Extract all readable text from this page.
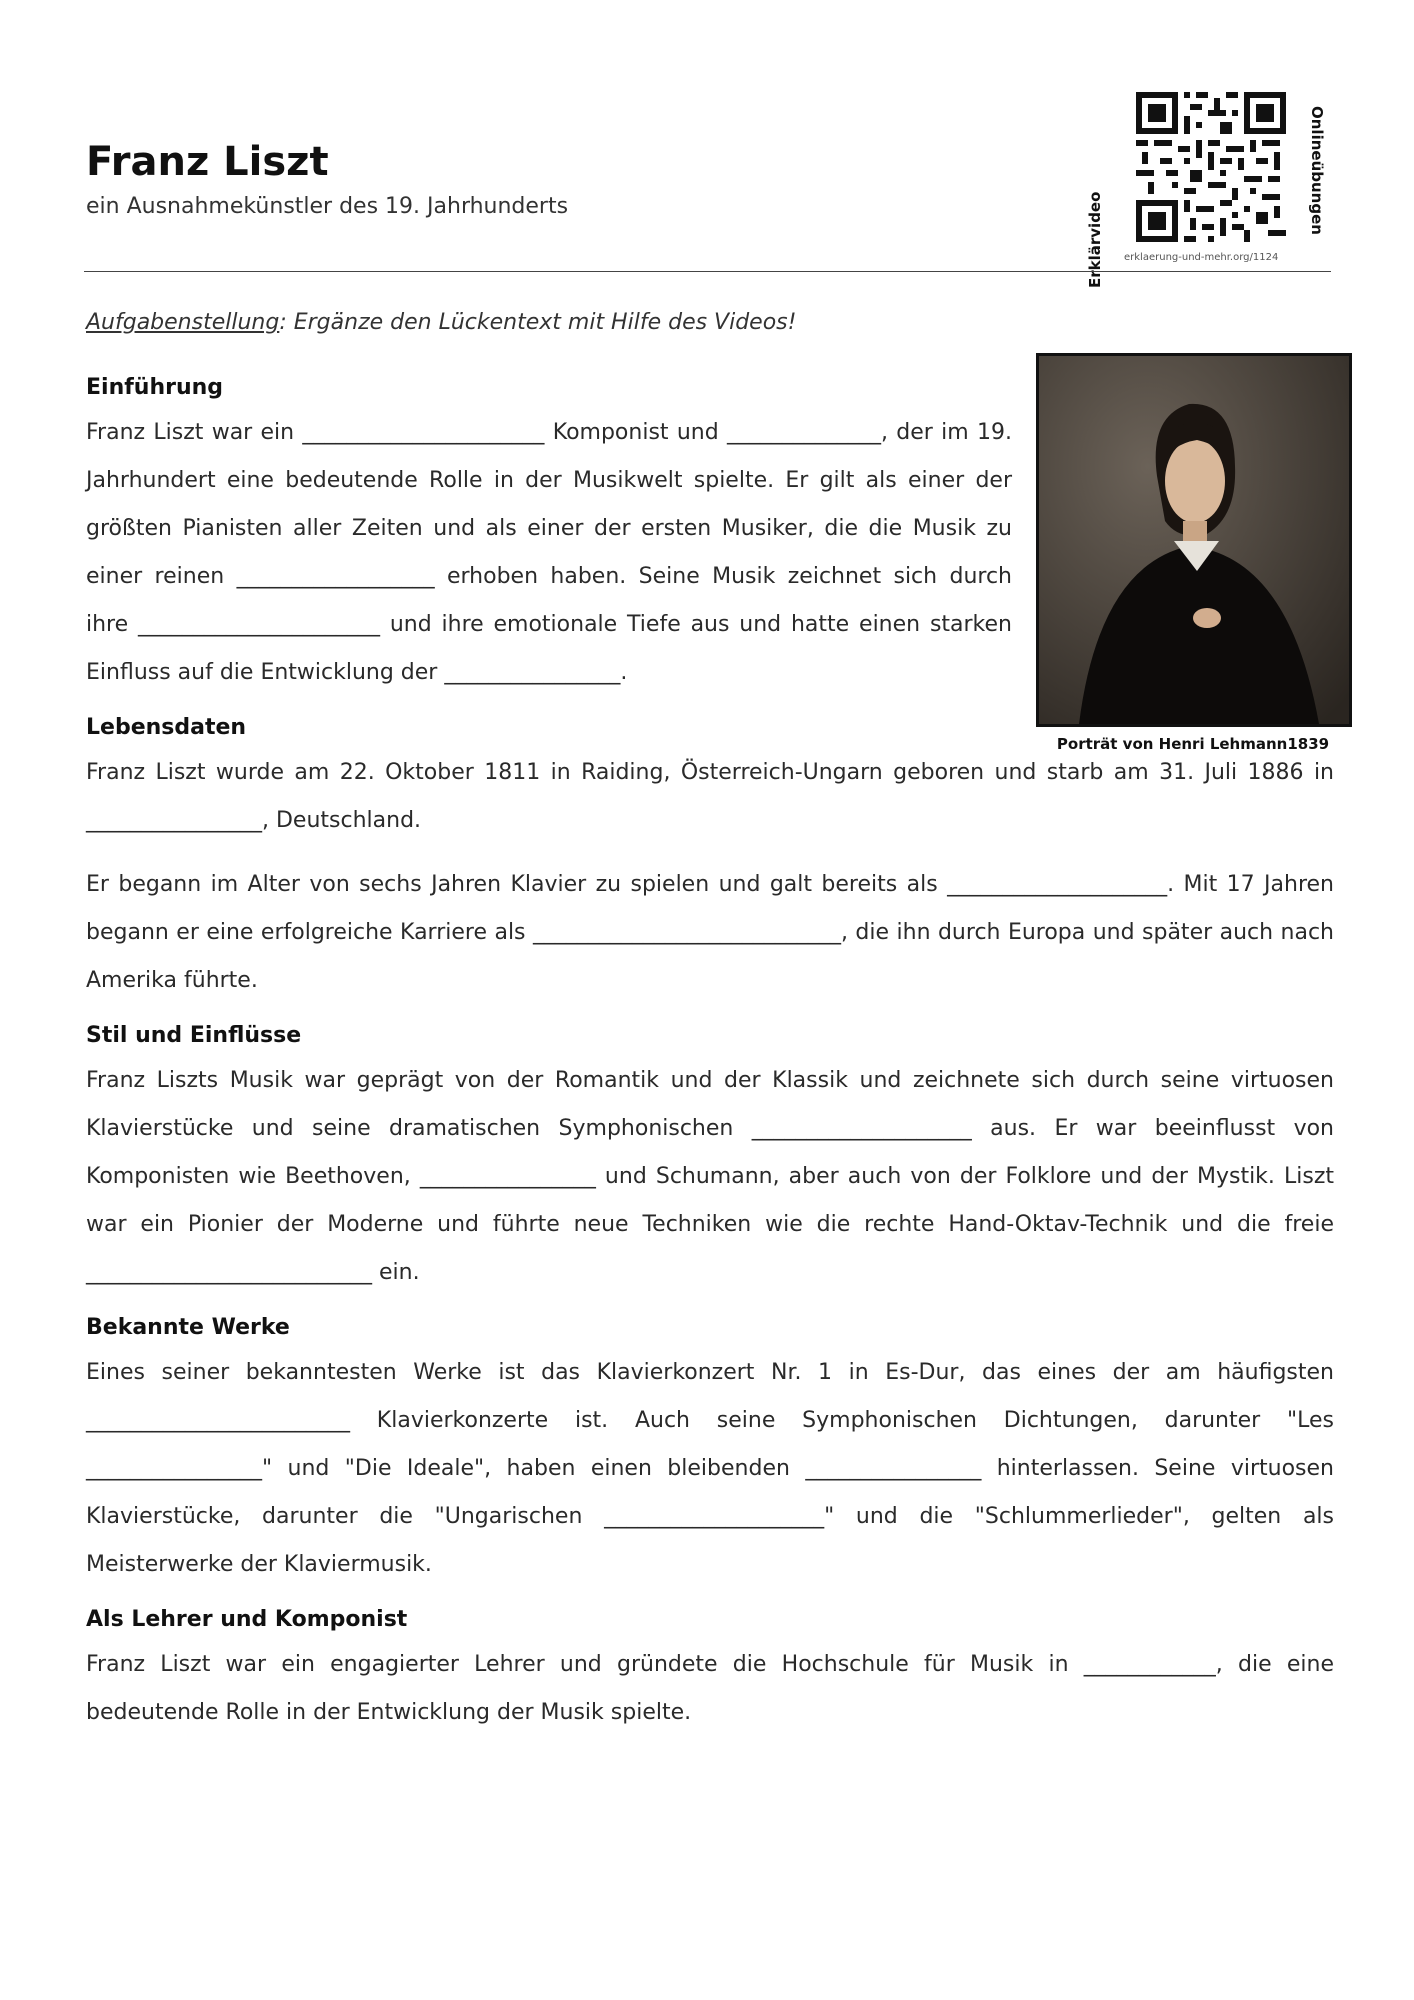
Franz Liszt
ein Ausnahmekünstler des 19. Jahrhunderts	Erklärvideo
Onlineübungen
erklaerung-und-mehr.org/1124
Aufgabenstellung: Ergänze den Lückentext mit Hilfe des Videos!
Einführung

Franz Liszt war ein ______________________ Komponist und ______________, der im 19. Jahrhundert eine bedeutende Rolle in der Musikwelt spielte. Er gilt als einer der größten Pianisten aller Zeiten und als einer der ersten Musiker, die die Musik zu einer reinen __________________ erhoben haben. Seine Musik zeichnet sich durch ihre ______________________ und ihre emotionale Tiefe aus und hatte einen starken Einfluss auf die Entwicklung der ________________.

Porträt von Henri Lehmann1839
Lebensdaten

Franz Liszt wurde am 22. Oktober 1811 in Raiding, Österreich-Ungarn geboren und starb am 31. Juli 1886 in ________________, Deutschland.

Er begann im Alter von sechs Jahren Klavier zu spielen und galt bereits als ____________________. Mit 17 Jahren begann er eine erfolgreiche Karriere als ____________________________, die ihn durch Europa und später auch nach Amerika führte.

Stil und Einflüsse

Franz Liszts Musik war geprägt von der Romantik und der Klassik und zeichnete sich durch seine virtuosen Klavierstücke und seine dramatischen Symphonischen ____________________ aus. Er war beeinflusst von Komponisten wie Beethoven, ________________ und Schumann, aber auch von der Folklore und der Mystik. Liszt war ein Pionier der Moderne und führte neue Techniken wie die rechte Hand-Oktav-Technik und die freie __________________________ ein.

Bekannte Werke

Eines seiner bekanntesten Werke ist das Klavierkonzert Nr. 1 in Es-Dur, das eines der am häufigsten ________________________ Klavierkonzerte ist. Auch seine Symphonischen Dichtungen, darunter "Les ________________" und "Die Ideale", haben einen bleibenden ________________ hinterlassen. Seine virtuosen Klavierstücke, darunter die "Ungarischen ____________________" und die "Schlummerlieder", gelten als Meisterwerke der Klaviermusik.

Als Lehrer und Komponist

Franz Liszt war ein engagierter Lehrer und gründete die Hochschule für Musik in ____________, die eine bedeutende Rolle in der Entwicklung der Musik spielte.
